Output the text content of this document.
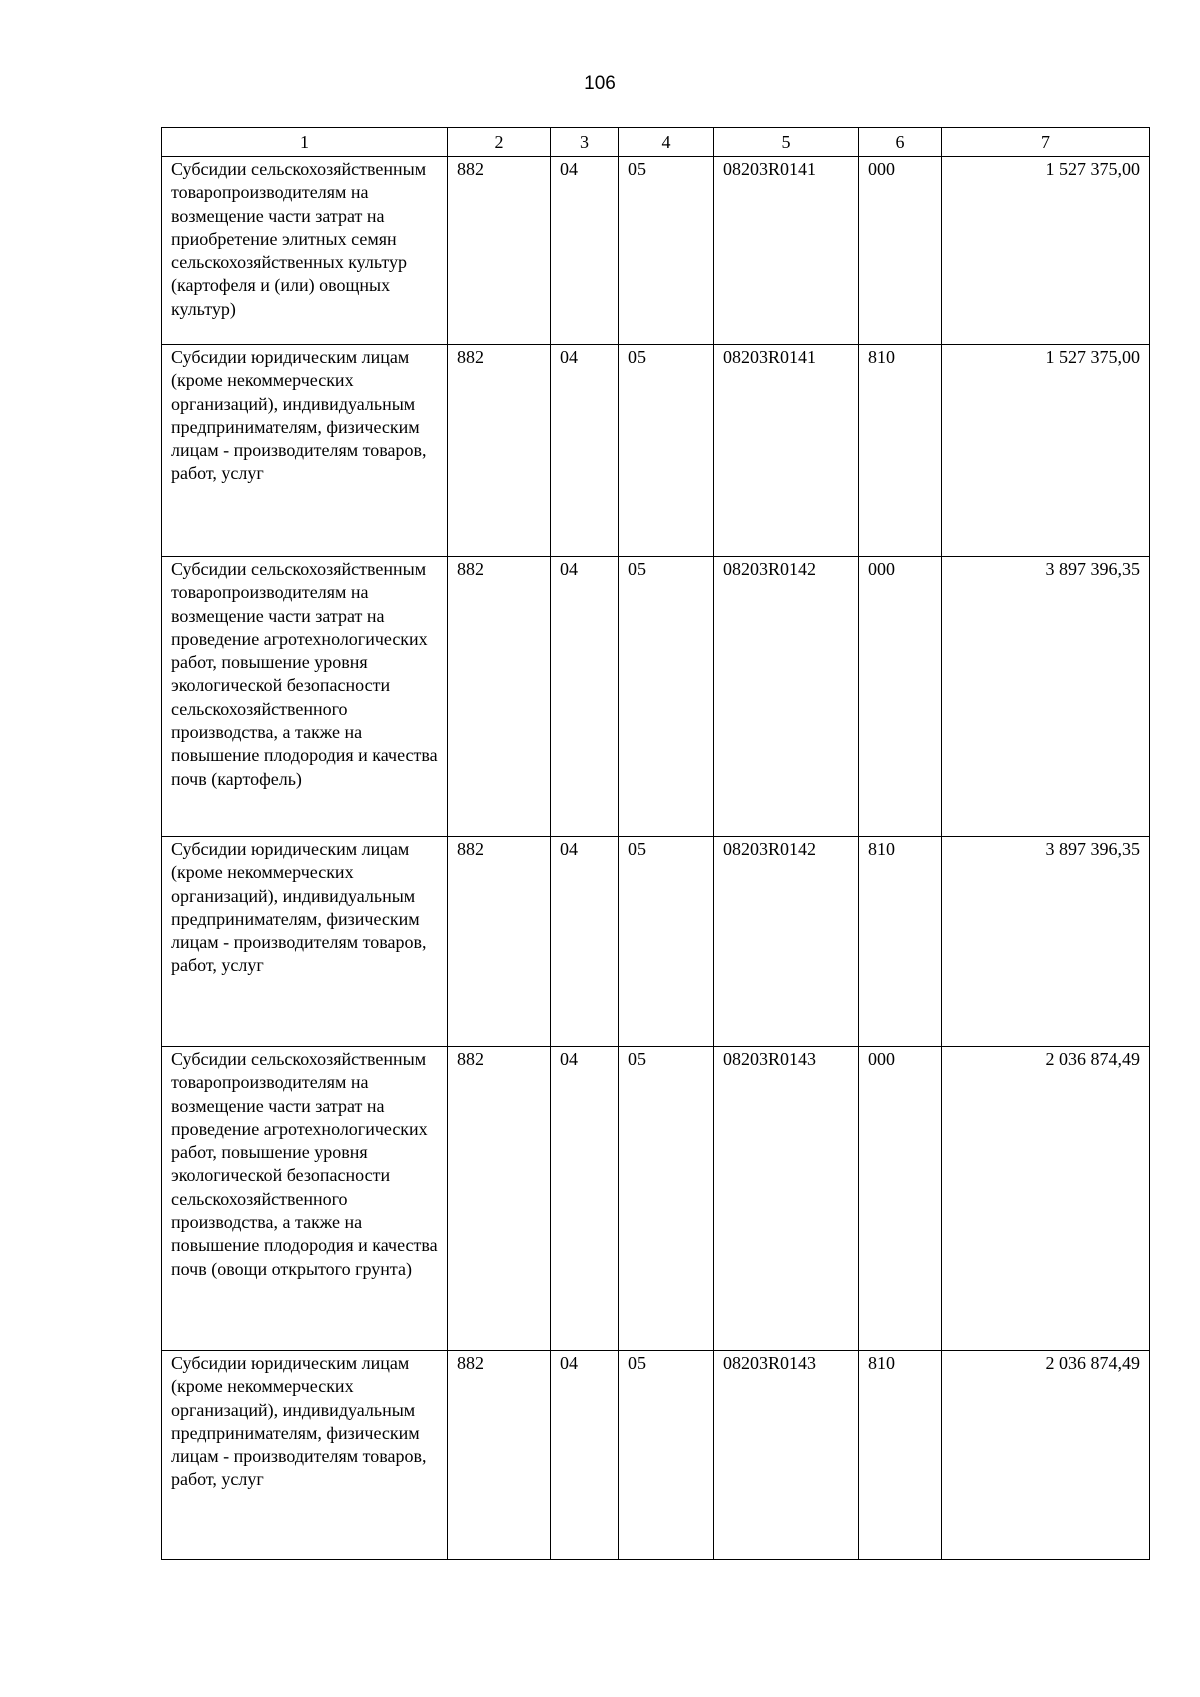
106
1	2	3	4	5	6	7
Субсидии сельскохозяйственным товаропроизводителям на возмещение части затрат на приобретение элитных семян сельскохозяйственных культур (картофеля и (или) овощных культур)	882	04	05	08203R0141	000	1 527 375,00
Субсидии юридическим лицам (кроме некоммерческих организаций), индивидуальным предпринимателям, физическим лицам - производителям товаров, работ, услуг	882	04	05	08203R0141	810	1 527 375,00
Субсидии сельскохозяйственным товаропроизводителям на возмещение части затрат на проведение агротехнологических работ, повышение уровня экологической безопасности сельскохозяйственного производства, а также на повышение плодородия и качества почв (картофель)	882	04	05	08203R0142	000	3 897 396,35
Субсидии юридическим лицам (кроме некоммерческих организаций), индивидуальным предпринимателям, физическим лицам - производителям товаров, работ, услуг	882	04	05	08203R0142	810	3 897 396,35
Субсидии сельскохозяйственным товаропроизводителям на возмещение части затрат на проведение агротехнологических работ, повышение уровня экологической безопасности сельскохозяйственного производства, а также на повышение плодородия и качества почв (овощи открытого грунта)	882	04	05	08203R0143	000	2 036 874,49
Субсидии юридическим лицам (кроме некоммерческих организаций), индивидуальным предпринимателям, физическим лицам - производителям товаров, работ, услуг	882	04	05	08203R0143	810	2 036 874,49
